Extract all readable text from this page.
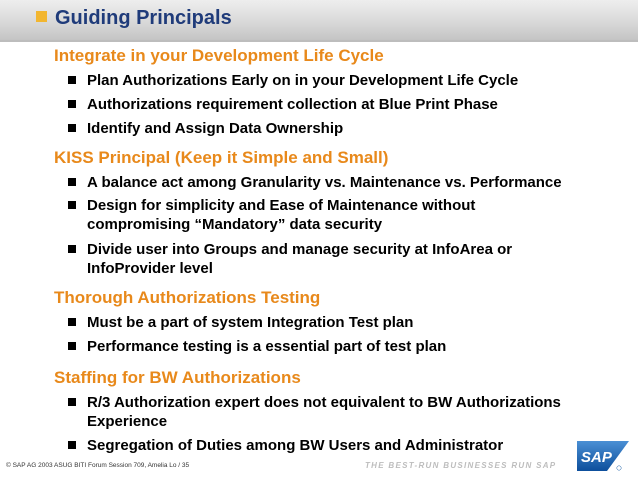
Guiding Principals
Integrate in your Development Life Cycle
Plan Authorizations Early on in your Development Life Cycle
Authorizations requirement collection at Blue Print Phase
Identify and Assign Data Ownership
KISS Principal (Keep it Simple and Small)
A balance act among Granularity vs. Maintenance vs. Performance
Design for simplicity and Ease of Maintenance without compromising “Mandatory” data security
Divide user into Groups and manage security at InfoArea or InfoProvider level
Thorough Authorizations Testing
Must be a part of system Integration Test plan
Performance testing is a essential part of test plan
Staffing for BW Authorizations
R/3 Authorization expert does not equivalent to BW Authorizations Experience
Segregation of Duties among BW Users and Administrator
© SAP AG 2003 ASUG BITI Forum Session 709, Amelia Lo / 35	THE BEST-RUN BUSINESSES RUN SAP SAP
